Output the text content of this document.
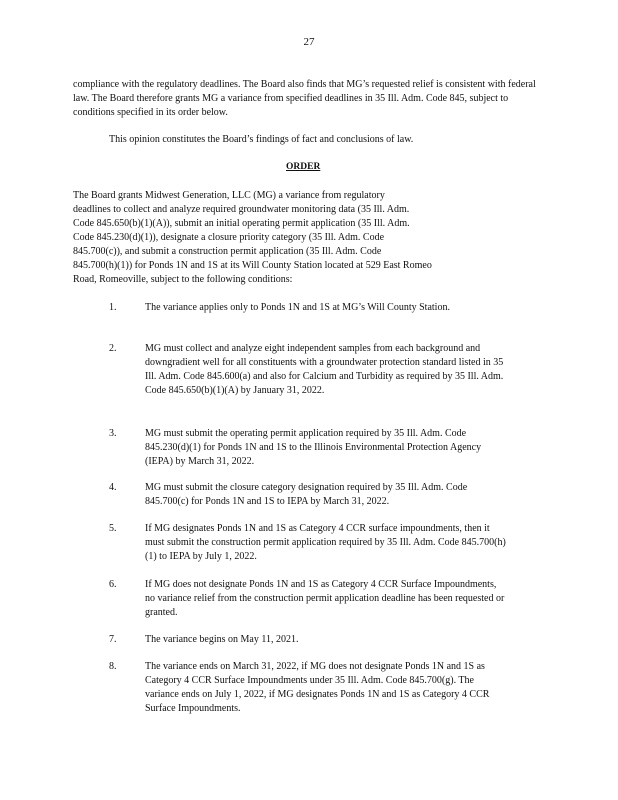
27

compliance with the regulatory deadlines. The Board also finds that MG’s requested relief is consistent with federal law. The Board therefore grants MG a variance from specified deadlines in 35 Ill. Adm. Code 845, subject to conditions specified in its order below.

This opinion constitutes the Board’s findings of fact and conclusions of law.

ORDER
The Board grants Midwest Generation, LLC (MG) a variance from regulatory
deadlines to collect and analyze required groundwater monitoring data (35 Ill. Adm.
Code 845.650(b)(1)(A)), submit an initial operating permit application (35 Ill. Adm.
Code 845.230(d)(1)), designate a closure priority category (35 Ill. Adm. Code
845.700(c)), and submit a construction permit application (35 Ill. Adm. Code
845.700(h)(1)) for Ponds 1N and 1S at its Will County Station located at 529 East Romeo
Road, Romeoville, subject to the following conditions:
1.	The variance applies only to Ponds 1N and 1S at MG’s Will County Station.
2.	MG must collect and analyze eight independent samples from each background and downgradient well for all constituents with a groundwater protection standard listed in 35 Ill. Adm. Code 845.600(a) and also for Calcium and Turbidity as required by 35 Ill. Adm. Code 845.650(b)(1)(A) by January 31, 2022.
3.	MG must submit the operating permit application required by 35 Ill. Adm. Code 845.230(d)(1) for Ponds 1N and 1S to the Illinois Environmental Protection Agency (IEPA) by March 31, 2022.
4.	MG must submit the closure category designation required by 35 Ill. Adm. Code 845.700(c) for Ponds 1N and 1S to IEPA by March 31, 2022.
5.	If MG designates Ponds 1N and 1S as Category 4 CCR surface impoundments, then it must submit the construction permit application required by 35 Ill. Adm. Code 845.700(h)(1) to IEPA by July 1, 2022.
6.	If MG does not designate Ponds 1N and 1S as Category 4 CCR Surface Impoundments, no variance relief from the construction permit application deadline has been requested or granted.
7.	The variance begins on May 11, 2021.
8.	The variance ends on March 31, 2022, if MG does not designate Ponds 1N and 1S as Category 4 CCR Surface Impoundments under 35 Ill. Adm. Code 845.700(g). The variance ends on July 1, 2022, if MG designates Ponds 1N and 1S as Category 4 CCR Surface Impoundments.
